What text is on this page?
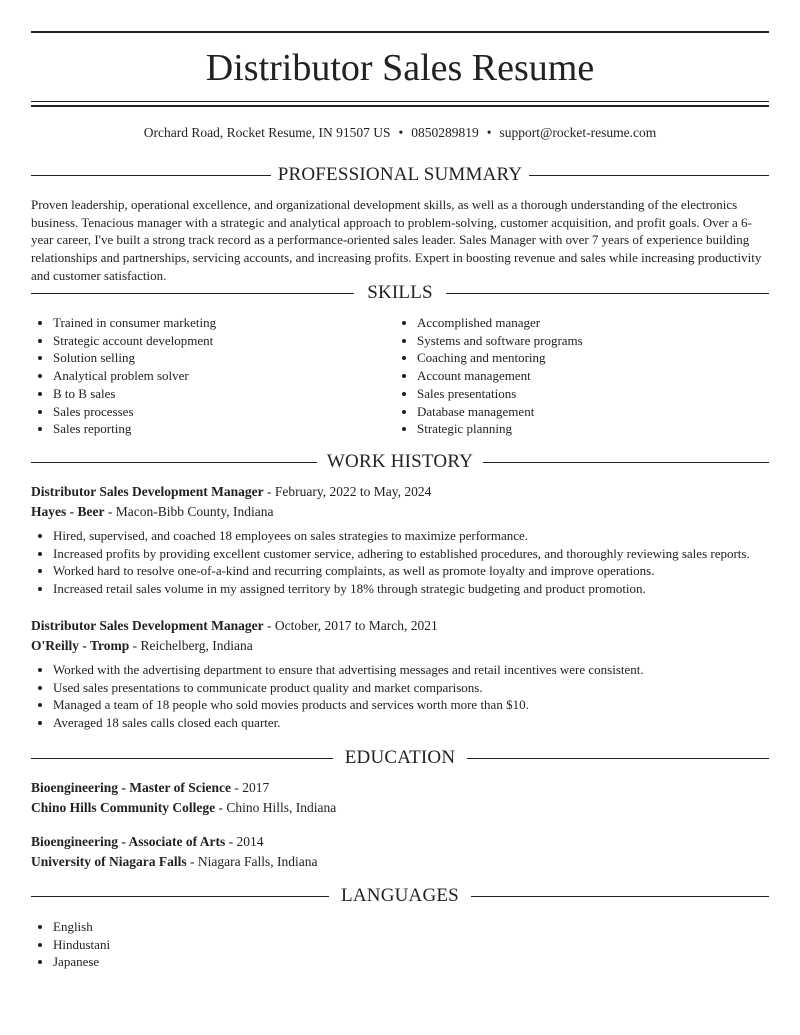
Distributor Sales Resume
Orchard Road, Rocket Resume, IN 91507 US • 0850289819 • support@rocket-resume.com
PROFESSIONAL SUMMARY

Proven leadership, operational excellence, and organizational development skills, as well as a thorough understanding of the electronics business. Tenacious manager with a strategic and analytical approach to problem-solving, customer acquisition, and profit goals. Over a 6-year career, I've built a strong track record as a performance-oriented sales leader. Sales Manager with over 7 years of experience building relationships and partnerships, servicing accounts, and increasing profits. Expert in boosting revenue and sales while increasing productivity and customer satisfaction.

SKILLS
• Trained in consumer marketing
• Strategic account development
• Solution selling
• Analytical problem solver
• B to B sales
• Sales processes
• Sales reporting
• Accomplished manager
• Systems and software programs
• Coaching and mentoring
• Account management
• Sales presentations
• Database management
• Strategic planning
WORK HISTORY
Distributor Sales Development Manager - February, 2022 to May, 2024
Hayes - Beer - Macon-Bibb County, Indiana
• Hired, supervised, and coached 18 employees on sales strategies to maximize performance.
• Increased profits by providing excellent customer service, adhering to established procedures, and thoroughly reviewing sales reports.
• Worked hard to resolve one-of-a-kind and recurring complaints, as well as promote loyalty and improve operations.
• Increased retail sales volume in my assigned territory by 18% through strategic budgeting and product promotion.
Distributor Sales Development Manager - October, 2017 to March, 2021
O'Reilly - Tromp - Reichelberg, Indiana
• Worked with the advertising department to ensure that advertising messages and retail incentives were consistent.
• Used sales presentations to communicate product quality and market comparisons.
• Managed a team of 18 people who sold movies products and services worth more than $10.
• Averaged 18 sales calls closed each quarter.
EDUCATION
Bioengineering - Master of Science - 2017
Chino Hills Community College - Chino Hills, Indiana
Bioengineering - Associate of Arts - 2014
University of Niagara Falls - Niagara Falls, Indiana
LANGUAGES
• English
• Hindustani
• Japanese
